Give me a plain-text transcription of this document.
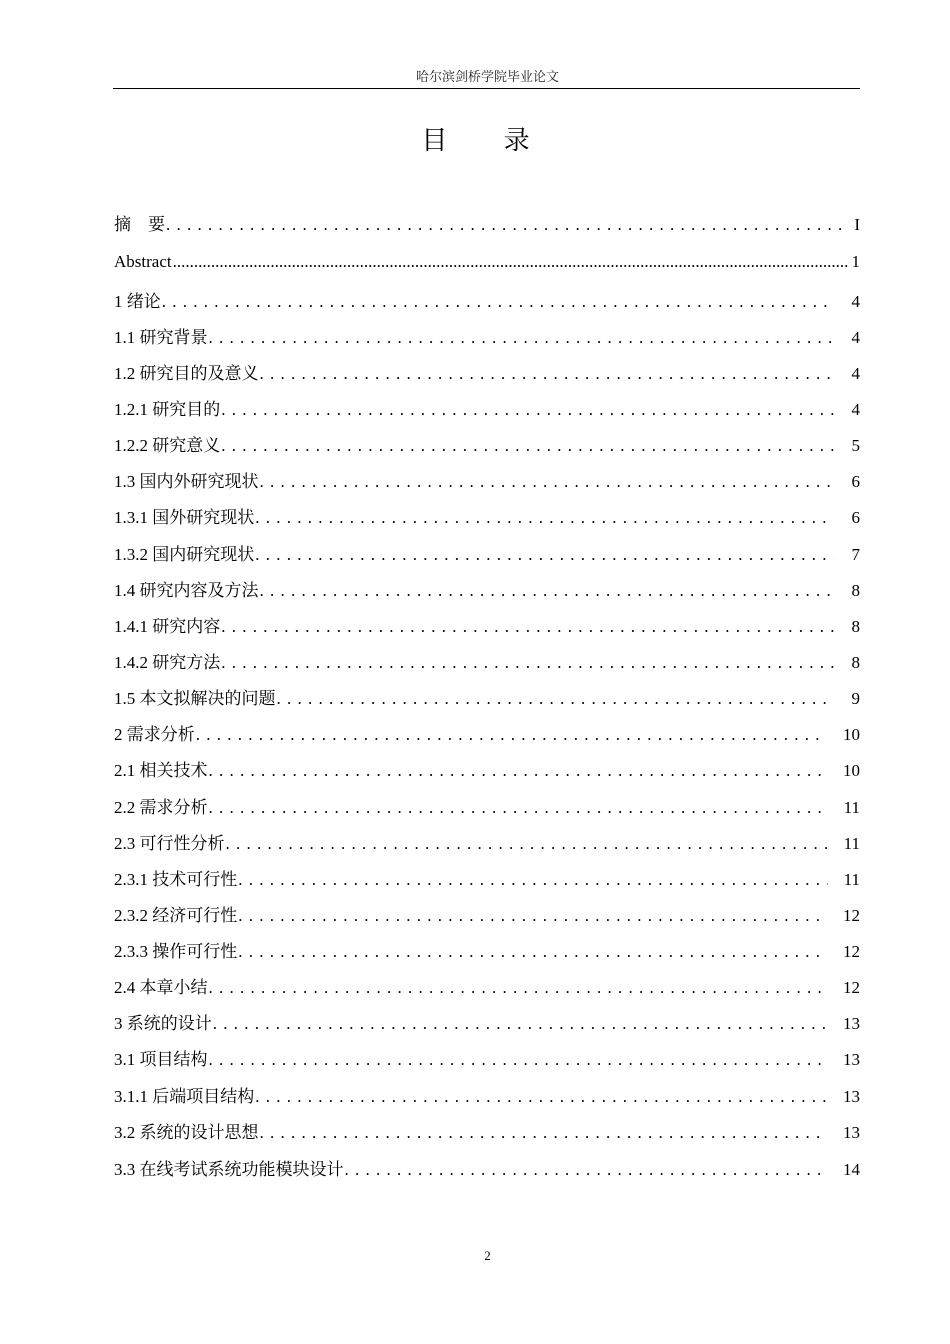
哈尔滨剑桥学院毕业论文
目 录
摘　要 . . .	I
Abstract .....	1
1 绪论 . . .	4
1.1 研究背景 . . .	4
1.2 研究目的及意义 . . .	4
1.2.1 研究目的 . . .	4
1.2.2 研究意义 . . .	5
1.3 国内外研究现状 . . .	6
1.3.1 国外研究现状 . . .	6
1.3.2 国内研究现状 . . .	7
1.4 研究内容及方法 . . .	8
1.4.1 研究内容 . . .	8
1.4.2 研究方法 . . .	8
1.5 本文拟解决的问题 . . .	9
2 需求分析 . . .	10
2.1 相关技术 . . .	10
2.2 需求分析 . . .	11
2.3 可行性分析 . . .	11
2.3.1 技术可行性 . . .	11
2.3.2 经济可行性 . . .	12
2.3.3 操作可行性 . . .	12
2.4 本章小结 . . .	12
3 系统的设计 . . .	13
3.1 项目结构 . . .	13
3.1.1 后端项目结构 . . .	13
3.2 系统的设计思想 . . .	13
3.3 在线考试系统功能模块设计 . . .	14
2
